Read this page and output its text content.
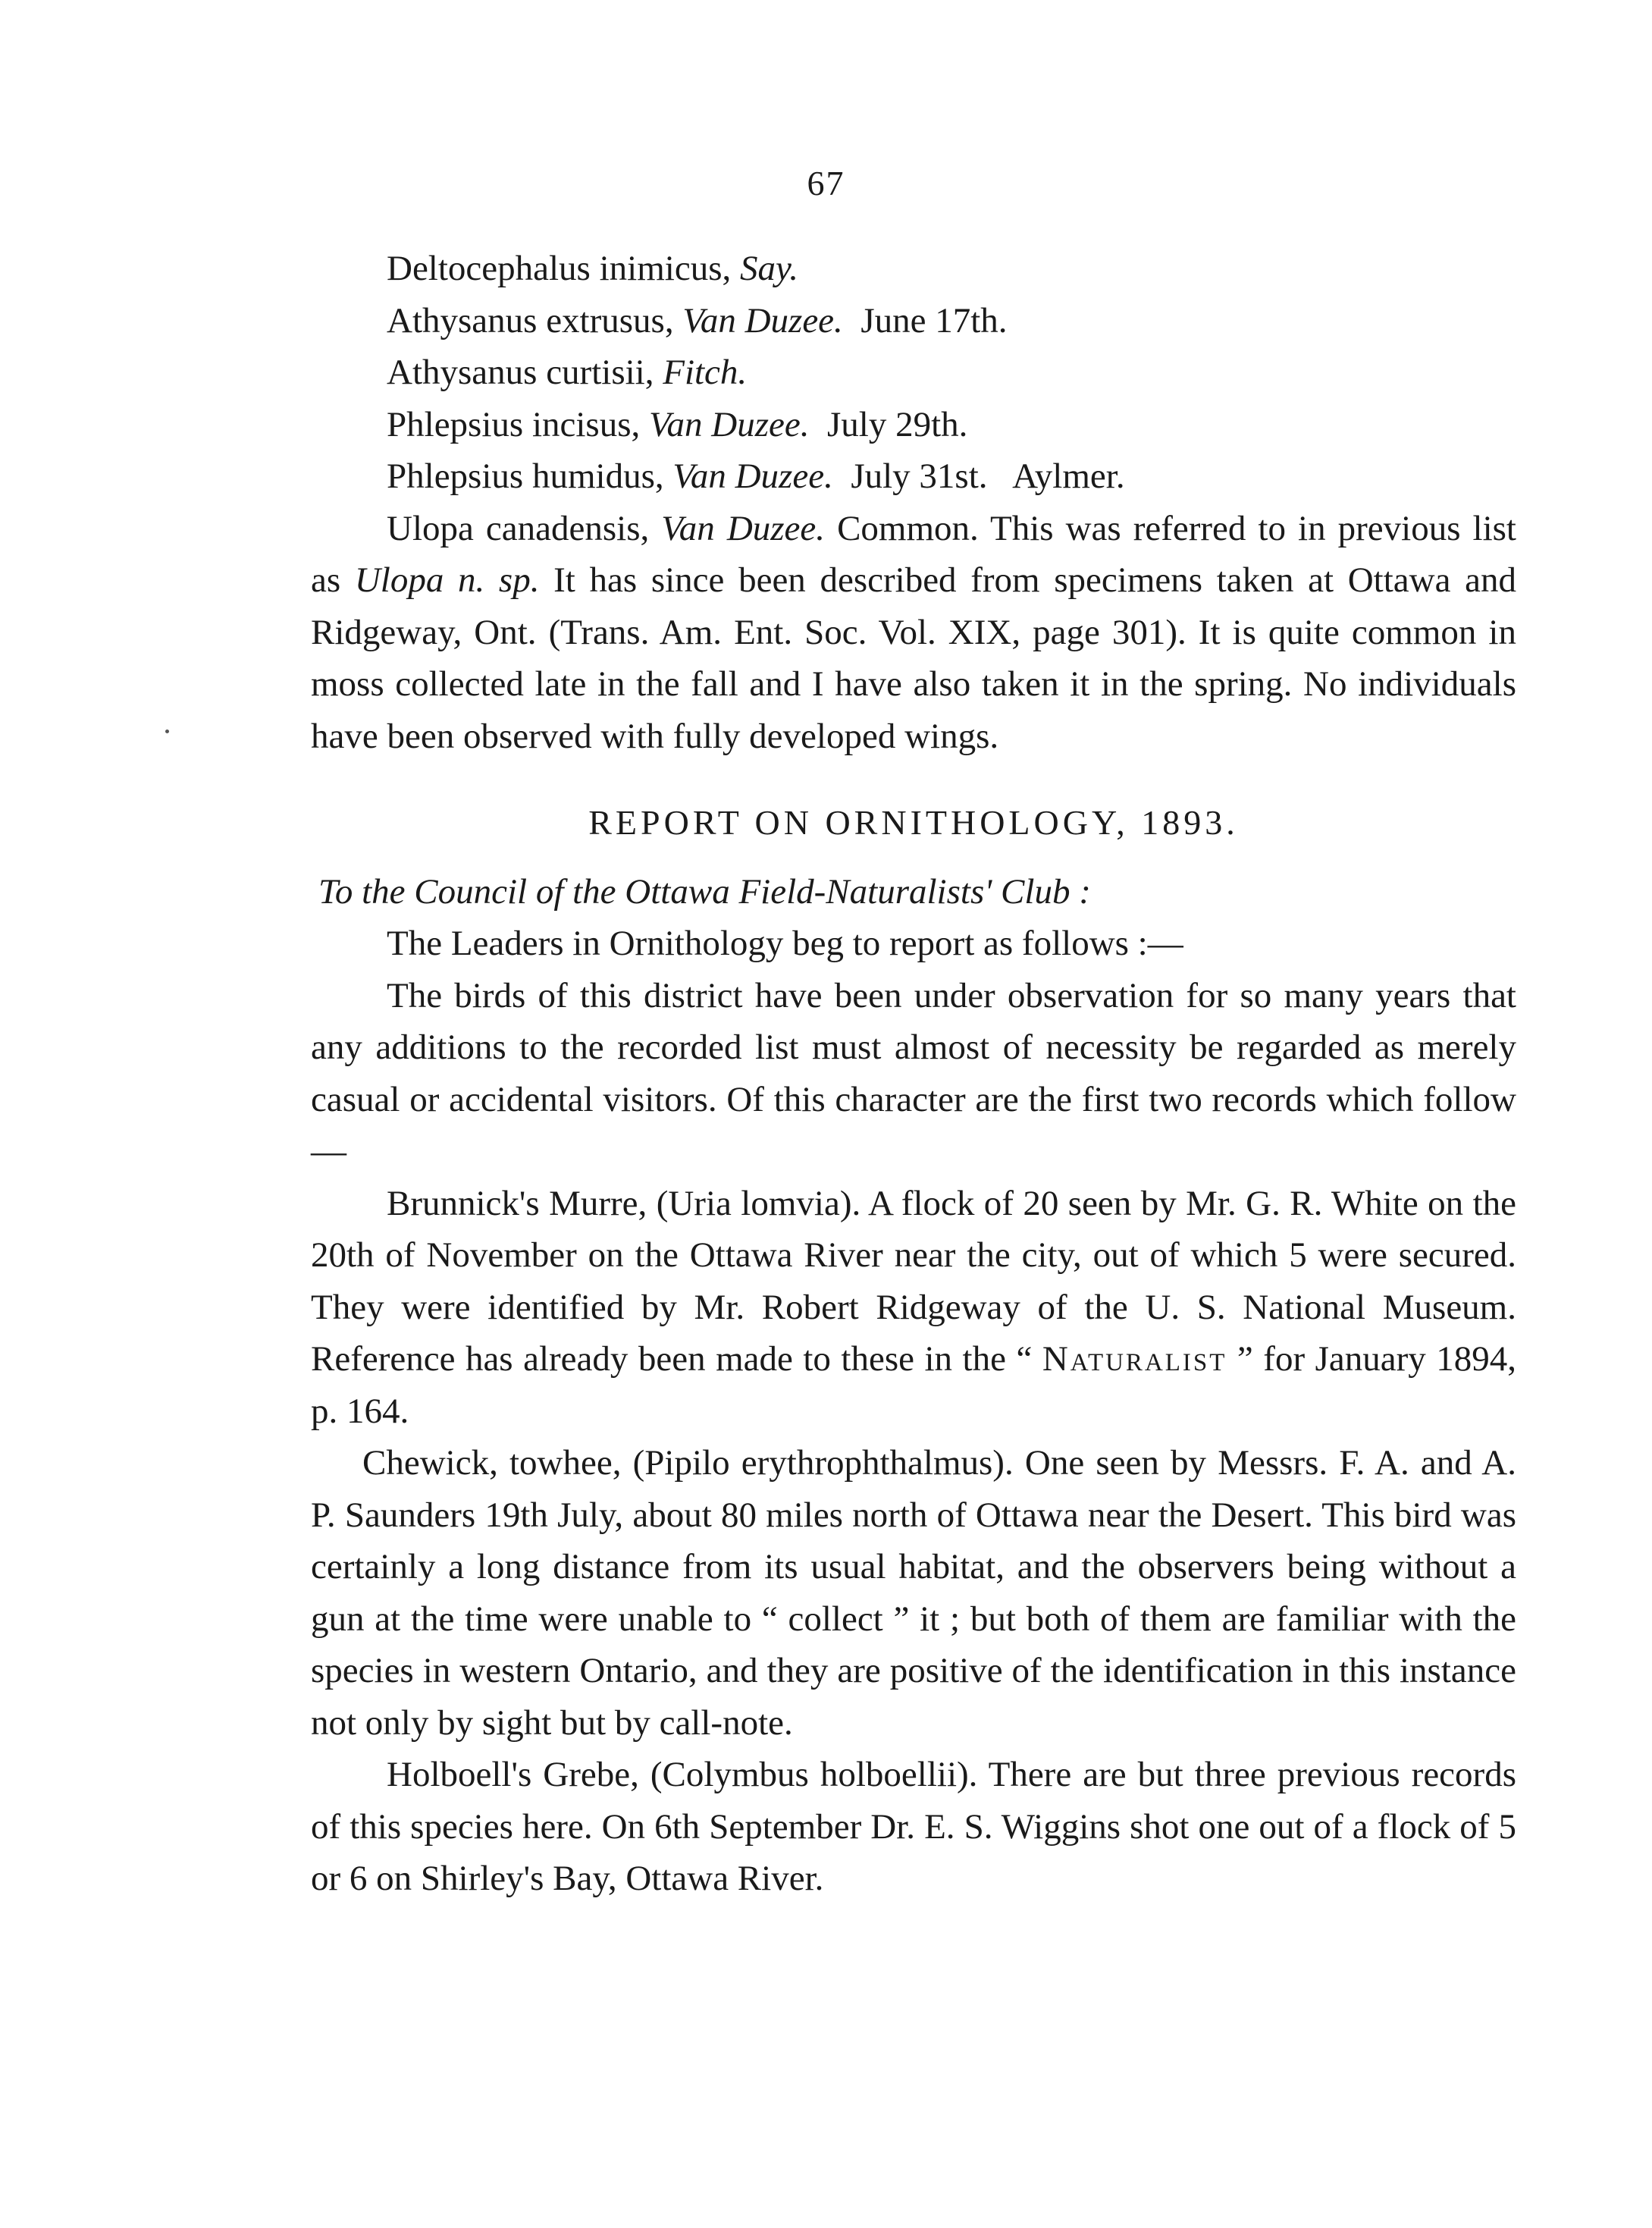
67

Deltocephalus inimicus, Say.

Athysanus extrusus, Van Duzee. June 17th.

Athysanus curtisii, Fitch.

Phlepsius incisus, Van Duzee. July 29th.

Phlepsius humidus, Van Duzee. July 31st.   Aylmer.

Ulopa canadensis, Van Duzee. Common. This was referred to in previous list as Ulopa n. sp. It has since been described from specimens taken at Ottawa and Ridgeway, Ont. (Trans. Am. Ent. Soc. Vol. XIX, page 301). It is quite common in moss collected late in the fall and I have also taken it in the spring. No individuals have been observed with fully developed wings.

REPORT ON ORNITHOLOGY, 1893.

To the Council of the Ottawa Field-Naturalists' Club :

The Leaders in Ornithology beg to report as follows :—

The birds of this district have been under observation for so many years that any additions to the recorded list must almost of necessity be regarded as merely casual or accidental visitors. Of this character are the first two records which follow—

Brunnick's Murre, (Uria lomvia). A flock of 20 seen by Mr. G. R. White on the 20th of November on the Ottawa River near the city, out of which 5 were secured. They were identified by Mr. Robert Ridgeway of the U. S. National Museum. Reference has already been made to these in the “ Naturalist ” for January 1894, p. 164.

Chewick, towhee, (Pipilo erythrophthalmus). One seen by Messrs. F. A. and A. P. Saunders 19th July, about 80 miles north of Ottawa near the Desert. This bird was certainly a long distance from its usual habitat, and the observers being without a gun at the time were unable to “ collect ” it ; but both of them are familiar with the species in western Ontario, and they are positive of the identification in this instance not only by sight but by call-note.

Holboell's Grebe, (Colymbus holboellii). There are but three previous records of this species here. On 6th September Dr. E. S. Wiggins shot one out of a flock of 5 or 6 on Shirley's Bay, Ottawa River.
